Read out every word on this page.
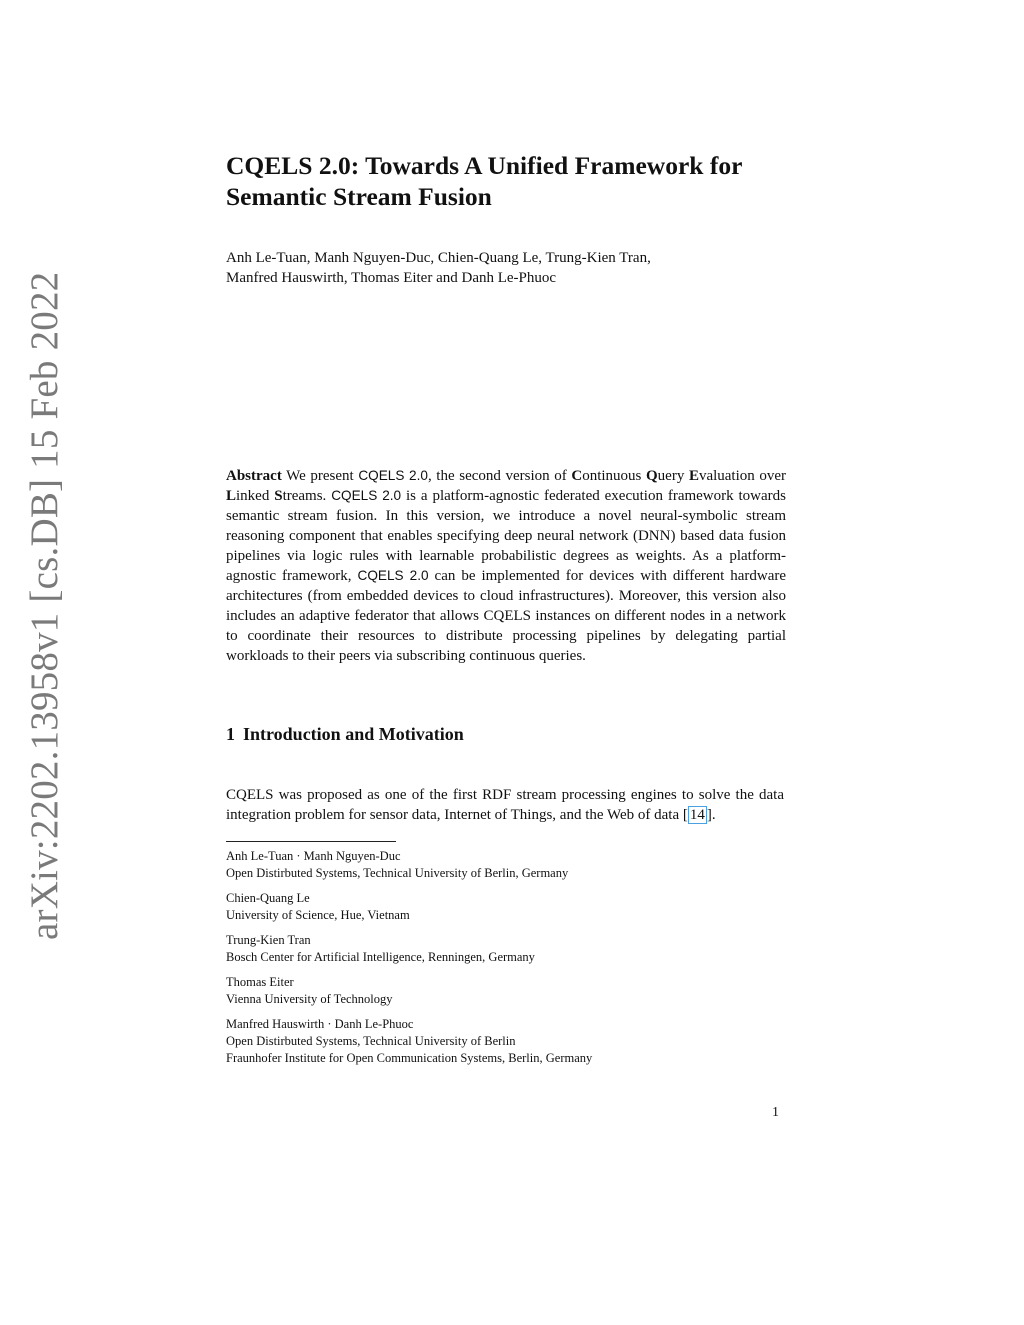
arXiv:2202.13958v1 [cs.DB] 15 Feb 2022
CQELS 2.0: Towards A Unified Framework for
Semantic Stream Fusion
Anh Le-Tuan, Manh Nguyen-Duc, Chien-Quang Le, Trung-Kien Tran,
Manfred Hauswirth, Thomas Eiter and Danh Le-Phuoc

Abstract We present CQELS 2.0, the second version of Continuous Query Evaluation over Linked Streams. CQELS 2.0 is a platform-agnostic federated execution framework towards semantic stream fusion. In this version, we introduce a novel neural-symbolic stream reasoning component that enables specifying deep neural network (DNN) based data fusion pipelines via logic rules with learnable probabilistic degrees as weights. As a platform-agnostic framework, CQELS 2.0 can be implemented for devices with different hardware architectures (from embedded devices to cloud infrastructures). Moreover, this version also includes an adaptive federator that allows CQELS instances on different nodes in a network to coordinate their resources to distribute processing pipelines by delegating partial workloads to their peers via subscribing continuous queries.

1 Introduction and Motivation

CQELS was proposed as one of the first RDF stream processing engines to solve the data integration problem for sensor data, Internet of Things, and the Web of data [ 14 ].

Anh Le-Tuan · Manh Nguyen-Duc
Open Distirbuted Systems, Technical University of Berlin, Germany
Chien-Quang Le
University of Science, Hue, Vietnam
Trung-Kien Tran
Bosch Center for Artificial Intelligence, Renningen, Germany
Thomas Eiter
Vienna University of Technology
Manfred Hauswirth · Danh Le-Phuoc
Open Distirbuted Systems, Technical University of Berlin
Fraunhofer Institute for Open Communication Systems, Berlin, Germany
1
